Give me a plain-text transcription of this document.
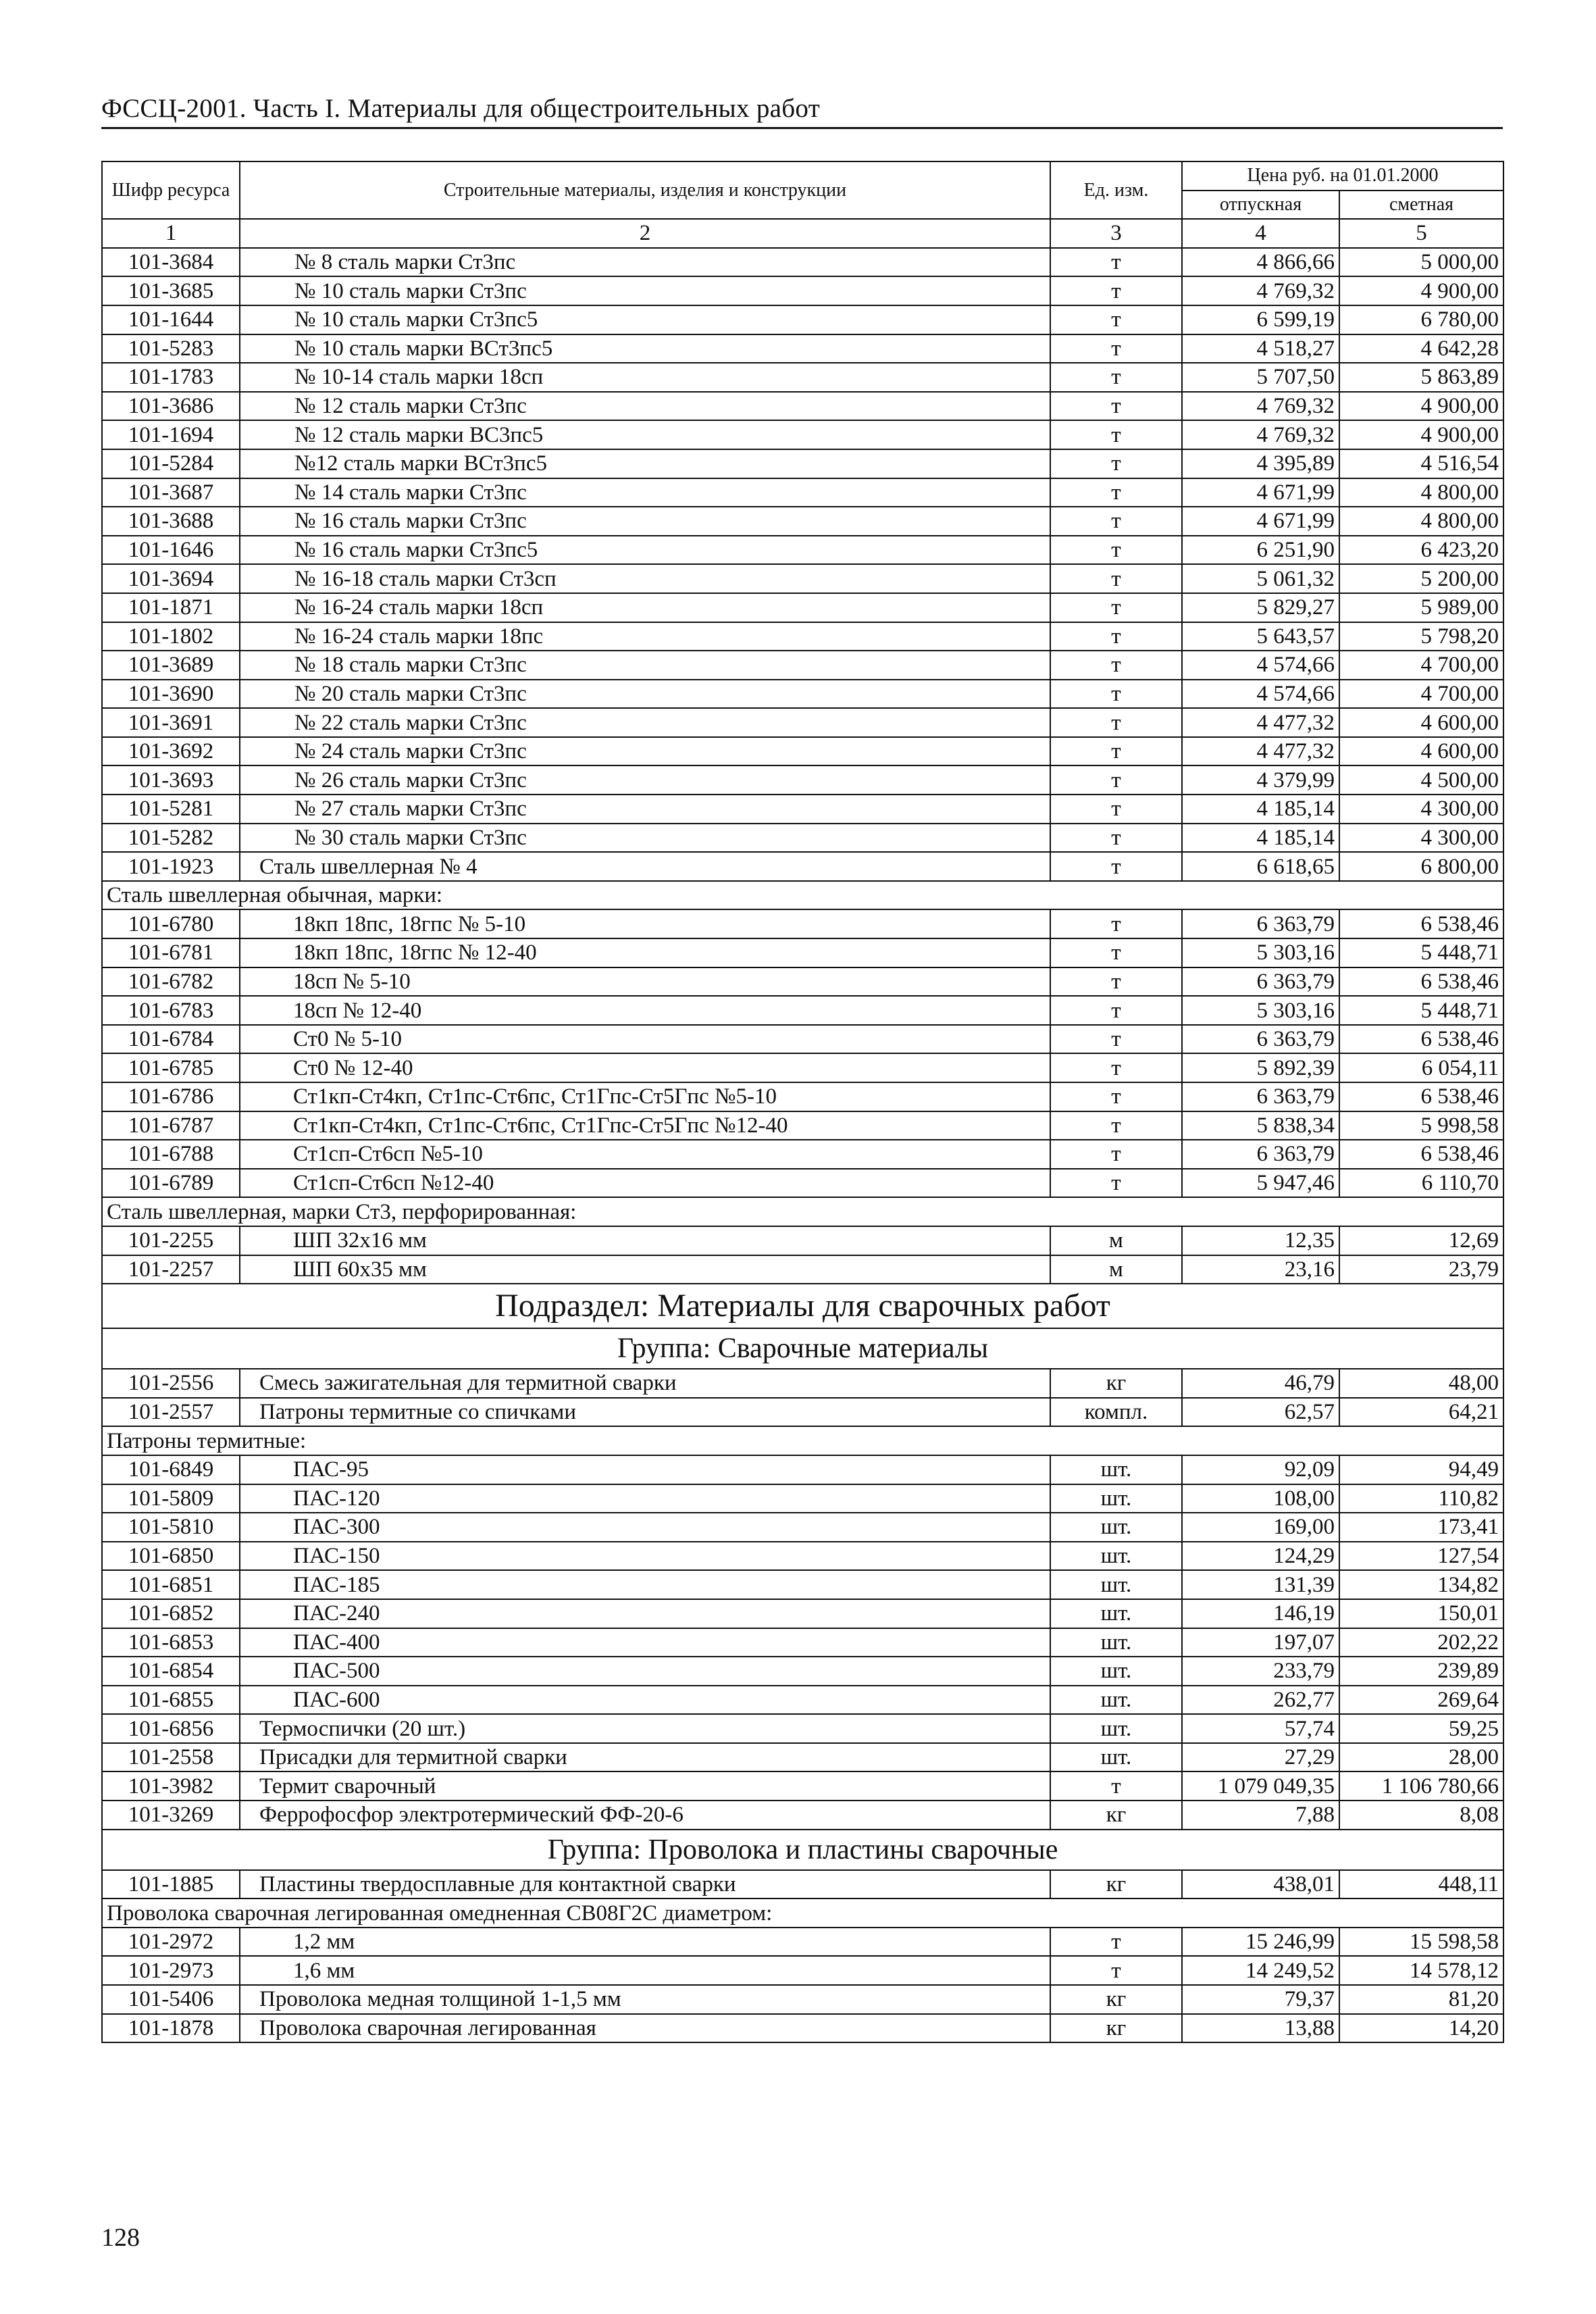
ФССЦ-2001. Часть I. Материалы для общестроительных работ
Шифр ресурса	Строительные материалы, изделия и конструкции	Ед. изм.	Цена руб. на 01.01.2000	
			отпускная	сметная
1	2	3	4	5
101-3684	№ 8 сталь марки Ст3пс	т	4 866,66	5 000,00
101-3685	№ 10 сталь марки Ст3пс	т	4 769,32	4 900,00
101-1644	№ 10 сталь марки Ст3пс5	т	6 599,19	6 780,00
101-5283	№ 10 сталь марки ВСт3пс5	т	4 518,27	4 642,28
101-1783	№ 10-14 сталь марки 18сп	т	5 707,50	5 863,89
101-3686	№ 12 сталь марки Ст3пс	т	4 769,32	4 900,00
101-1694	№ 12 сталь марки ВС3пс5	т	4 769,32	4 900,00
101-5284	№12 сталь марки ВСт3пс5	т	4 395,89	4 516,54
101-3687	№ 14 сталь марки Ст3пс	т	4 671,99	4 800,00
101-3688	№ 16 сталь марки Ст3пс	т	4 671,99	4 800,00
101-1646	№ 16 сталь марки Ст3пс5	т	6 251,90	6 423,20
101-3694	№ 16-18 сталь марки Ст3сп	т	5 061,32	5 200,00
101-1871	№ 16-24 сталь марки 18сп	т	5 829,27	5 989,00
101-1802	№ 16-24 сталь марки 18пс	т	5 643,57	5 798,20
101-3689	№ 18 сталь марки Ст3пс	т	4 574,66	4 700,00
101-3690	№ 20 сталь марки Ст3пс	т	4 574,66	4 700,00
101-3691	№ 22 сталь марки Ст3пс	т	4 477,32	4 600,00
101-3692	№ 24 сталь марки Ст3пс	т	4 477,32	4 600,00
101-3693	№ 26 сталь марки Ст3пс	т	4 379,99	4 500,00
101-5281	№ 27 сталь марки Ст3пс	т	4 185,14	4 300,00
101-5282	№ 30 сталь марки Ст3пс	т	4 185,14	4 300,00
101-1923	Сталь швеллерная № 4	т	6 618,65	6 800,00
Сталь швеллерная обычная, марки:				
101-6780	18кп 18пс, 18гпс № 5-10	т	6 363,79	6 538,46
101-6781	18кп 18пс, 18гпс № 12-40	т	5 303,16	5 448,71
101-6782	18сп № 5-10	т	6 363,79	6 538,46
101-6783	18сп № 12-40	т	5 303,16	5 448,71
101-6784	Ст0 № 5-10	т	6 363,79	6 538,46
101-6785	Ст0 № 12-40	т	5 892,39	6 054,11
101-6786	Ст1кп-Ст4кп, Ст1пс-Ст6пс, Ст1Гпс-Ст5Гпс №5-10	т	6 363,79	6 538,46
101-6787	Ст1кп-Ст4кп, Ст1пс-Ст6пс, Ст1Гпс-Ст5Гпс №12-40	т	5 838,34	5 998,58
101-6788	Ст1сп-Ст6сп №5-10	т	6 363,79	6 538,46
101-6789	Ст1сп-Ст6сп №12-40	т	5 947,46	6 110,70
Сталь швеллерная, марки Ст3, перфорированная:				
101-2255	ШП 32х16 мм	м	12,35	12,69
101-2257	ШП 60х35 мм	м	23,16	23,79
Подраздел: Материалы для сварочных работ				
Группа: Сварочные материалы				
101-2556	Смесь зажигательная для термитной сварки	кг	46,79	48,00
101-2557	Патроны термитные со спичками	компл.	62,57	64,21
Патроны термитные:				
101-6849	ПАС-95	шт.	92,09	94,49
101-5809	ПАС-120	шт.	108,00	110,82
101-5810	ПАС-300	шт.	169,00	173,41
101-6850	ПАС-150	шт.	124,29	127,54
101-6851	ПАС-185	шт.	131,39	134,82
101-6852	ПАС-240	шт.	146,19	150,01
101-6853	ПАС-400	шт.	197,07	202,22
101-6854	ПАС-500	шт.	233,79	239,89
101-6855	ПАС-600	шт.	262,77	269,64
101-6856	Термоспички (20 шт.)	шт.	57,74	59,25
101-2558	Присадки для термитной сварки	шт.	27,29	28,00
101-3982	Термит сварочный	т	1 079 049,35	1 106 780,66
101-3269	Феррофосфор электротермический ФФ-20-6	кг	7,88	8,08
Группа: Проволока и пластины сварочные				
101-1885	Пластины твердосплавные для контактной сварки	кг	438,01	448,11
Проволока сварочная легированная омедненная СВ08Г2С диаметром:				
101-2972	1,2 мм	т	15 246,99	15 598,58
101-2973	1,6 мм	т	14 249,52	14 578,12
101-5406	Проволока медная толщиной 1-1,5 мм	кг	79,37	81,20
101-1878	Проволока сварочная легированная	кг	13,88	14,20
128
